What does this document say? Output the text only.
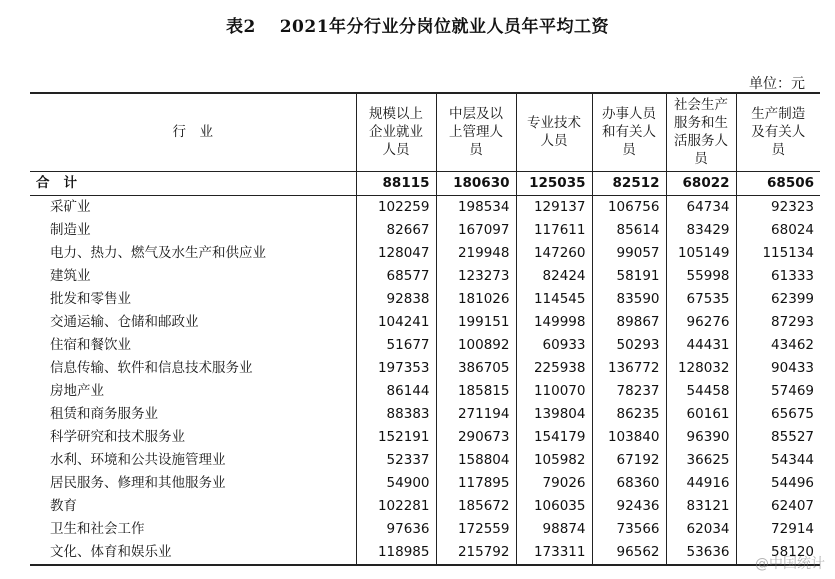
表2　 2021年分行业分岗位就业人员年平均工资
单位：元
行　业	规模以上企业就业人员	中层及以上管理人员	专业技术人员	办事人员和有关人员	社会生产服务和生活服务人员	生产制造及有关人员
合计	88115	180630	125035	82512	68022	68506
采矿业	102259	198534	129137	106756	64734	92323
制造业	82667	167097	117611	85614	83429	68024
电力、热力、燃气及水生产和供应业	128047	219948	147260	99057	105149	115134
建筑业	68577	123273	82424	58191	55998	61333
批发和零售业	92838	181026	114545	83590	67535	62399
交通运输、仓储和邮政业	104241	199151	149998	89867	96276	87293
住宿和餐饮业	51677	100892	60933	50293	44431	43462
信息传输、软件和信息技术服务业	197353	386705	225938	136772	128032	90433
房地产业	86144	185815	110070	78237	54458	57469
租赁和商务服务业	88383	271194	139804	86235	60161	65675
科学研究和技术服务业	152191	290673	154179	103840	96390	85527
水利、环境和公共设施管理业	52337	158804	105982	67192	36625	54344
居民服务、修理和其他服务业	54900	117895	79026	68360	44916	54496
教育	102281	185672	106035	92436	83121	62407
卫生和社会工作	97636	172559	98874	73566	62034	72914
文化、体育和娱乐业	118985	215792	173311	96562	53636	58120
@中国统计
